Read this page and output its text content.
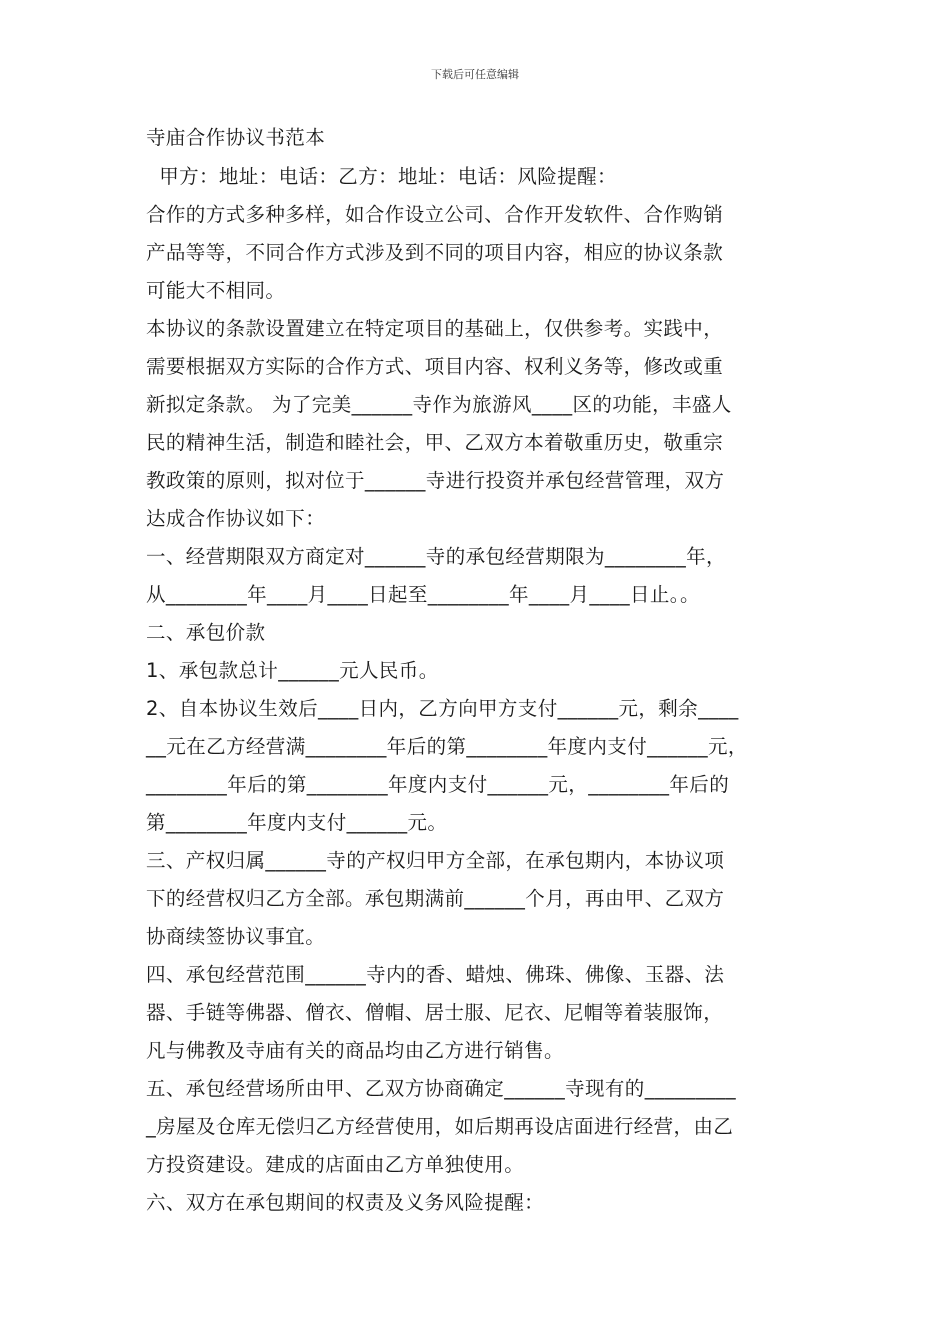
下载后可任意编辑
寺庙合作协议书范本
甲方：地址：电话：乙方：地址：电话：风险提醒：
合作的方式多种多样，如合作设立公司、合作开发软件、合作购销
产品等等，不同合作方式涉及到不同的项目内容，相应的协议条款
可能大不相同。
本协议的条款设置建立在特定项目的基础上，仅供参考。实践中，
需要根据双方实际的合作方式、项目内容、权利义务等，修改或重
新拟定条款。 为了完美______寺作为旅游风____区的功能，丰盛人
民的精神生活，制造和睦社会，甲、乙双方本着敬重历史，敬重宗
教政策的原则，拟对位于______寺进行投资并承包经营管理，双方
达成合作协议如下：
一、经营期限双方商定对______寺的承包经营期限为________年，
从________年____月____日起至________年____月____日止。。
二、承包价款
1、承包款总计______元人民币。
2、自本协议生效后____日内，乙方向甲方支付______元，剩余____
__元在乙方经营满________年后的第________年度内支付______元，
________年后的第________年度内支付______元，________年后的
第________年度内支付______元。
三、产权归属______寺的产权归甲方全部，在承包期内，本协议项
下的经营权归乙方全部。承包期满前______个月，再由甲、乙双方
协商续签协议事宜。
四、承包经营范围______寺内的香、蜡烛、佛珠、佛像、玉器、法
器、手链等佛器、僧衣、僧帽、居士服、尼衣、尼帽等着装服饰，
凡与佛教及寺庙有关的商品均由乙方进行销售。
五、承包经营场所由甲、乙双方协商确定______寺现有的_________
_房屋及仓库无偿归乙方经营使用，如后期再设店面进行经营，由乙
方投资建设。建成的店面由乙方单独使用。
六、双方在承包期间的权责及义务风险提醒：
